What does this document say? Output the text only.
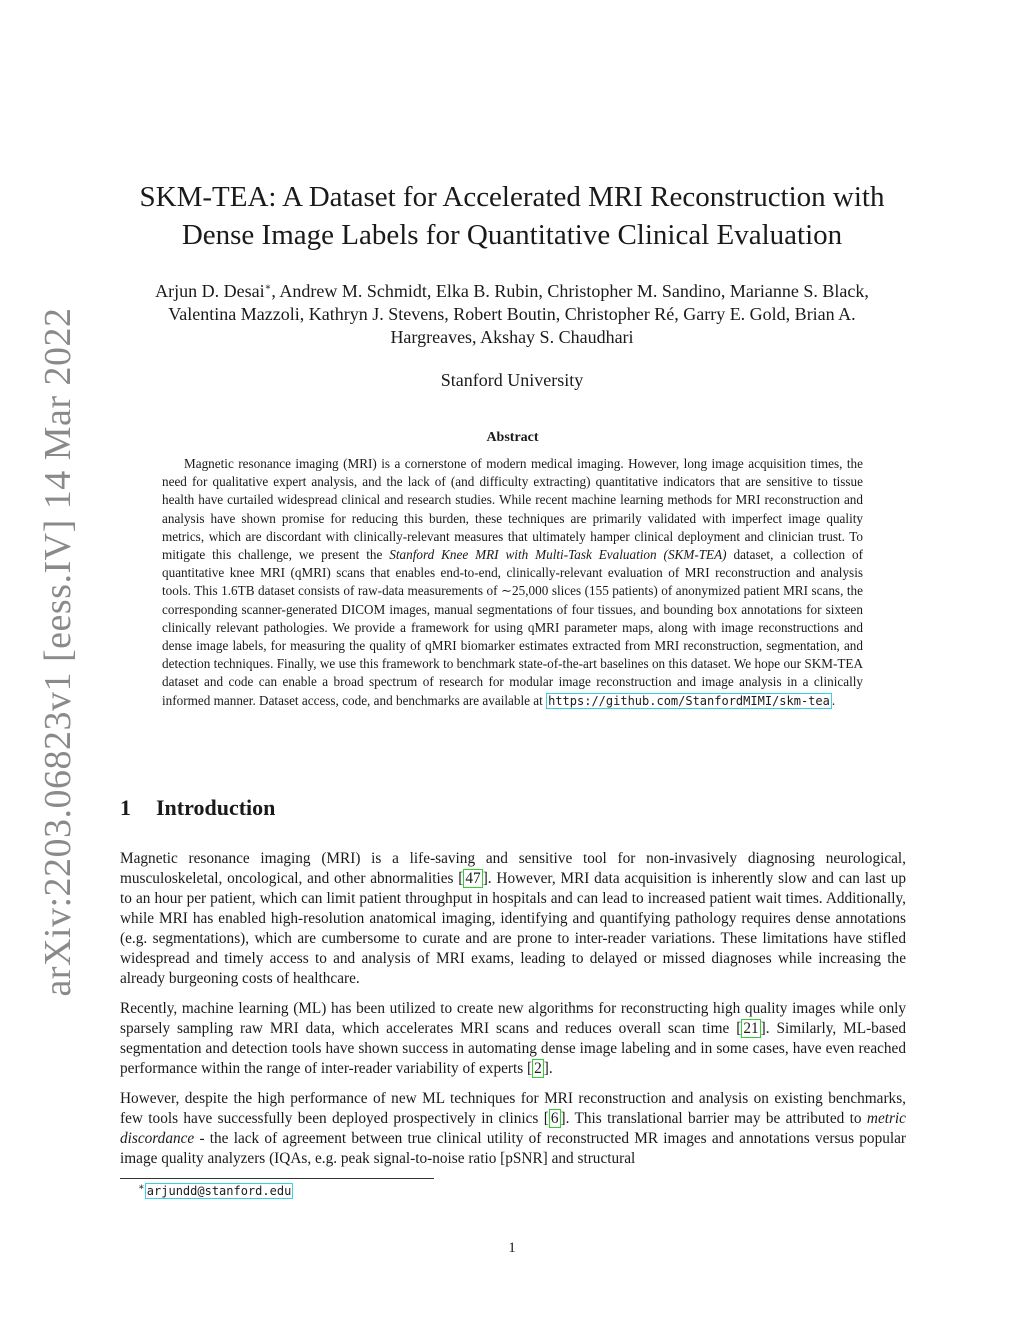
arXiv:2203.06823v1 [eess.IV] 14 Mar 2022
SKM-TEA: A Dataset for Accelerated MRI Reconstruction with
Dense Image Labels for Quantitative Clinical Evaluation
Arjun D. Desai∗, Andrew M. Schmidt, Elka B. Rubin, Christopher M. Sandino, Marianne S. Black,
Valentina Mazzoli, Kathryn J. Stevens, Robert Boutin, Christopher Ré, Garry E. Gold, Brian A.
Hargreaves, Akshay S. Chaudhari
Stanford University
Abstract

Magnetic resonance imaging (MRI) is a cornerstone of modern medical imaging. However, long image acquisition times, the need for qualitative expert analysis, and the lack of (and difficulty extracting) quantitative indicators that are sensitive to tissue health have curtailed widespread clinical and research studies. While recent machine learning methods for MRI reconstruction and analysis have shown promise for reducing this burden, these techniques are primarily validated with imperfect image quality metrics, which are discordant with clinically-relevant measures that ultimately hamper clinical deployment and clinician trust. To mitigate this challenge, we present the Stanford Knee MRI with Multi-Task Evaluation (SKM-TEA) dataset, a collection of quantitative knee MRI (qMRI) scans that enables end-to-end, clinically-relevant evaluation of MRI reconstruction and analysis tools. This 1.6TB dataset consists of raw-data measurements of ∼25,000 slices (155 patients) of anonymized patient MRI scans, the corresponding scanner-generated DICOM images, manual segmentations of four tissues, and bounding box annotations for sixteen clinically relevant pathologies. We provide a framework for using qMRI parameter maps, along with image reconstructions and dense image labels, for measuring the quality of qMRI biomarker estimates extracted from MRI reconstruction, segmentation, and detection techniques. Finally, we use this framework to benchmark state-of-the-art baselines on this dataset. We hope our SKM-TEA dataset and code can enable a broad spectrum of research for modular image reconstruction and image analysis in a clinically informed manner. Dataset access, code, and benchmarks are available at https://github.com/StanfordMIMI/skm-tea .

1 Introduction

Magnetic resonance imaging (MRI) is a life-saving and sensitive tool for non-invasively diagnosing neurological, musculoskeletal, oncological, and other abnormalities [ 47 ]. However, MRI data acquisition is inherently slow and can last up to an hour per patient, which can limit patient throughput in hospitals and can lead to increased patient wait times. Additionally, while MRI has enabled high-resolution anatomical imaging, identifying and quantifying pathology requires dense annotations (e.g. segmentations), which are cumbersome to curate and are prone to inter-reader variations. These limitations have stifled widespread and timely access to and analysis of MRI exams, leading to delayed or missed diagnoses while increasing the already burgeoning costs of healthcare.

Recently, machine learning (ML) has been utilized to create new algorithms for reconstructing high quality images while only sparsely sampling raw MRI data, which accelerates MRI scans and reduces overall scan time [ 21 ]. Similarly, ML-based segmentation and detection tools have shown success in automating dense image labeling and in some cases, have even reached performance within the range of inter-reader variability of experts [ 2 ].

However, despite the high performance of new ML techniques for MRI reconstruction and analysis on existing benchmarks, few tools have successfully been deployed prospectively in clinics [ 6 ]. This translational barrier may be attributed to metric discordance - the lack of agreement between true clinical utility of reconstructed MR images and annotations versus popular image quality analyzers (IQAs, e.g. peak signal-to-noise ratio [pSNR] and structural

∗ arjundd@stanford.edu
1
